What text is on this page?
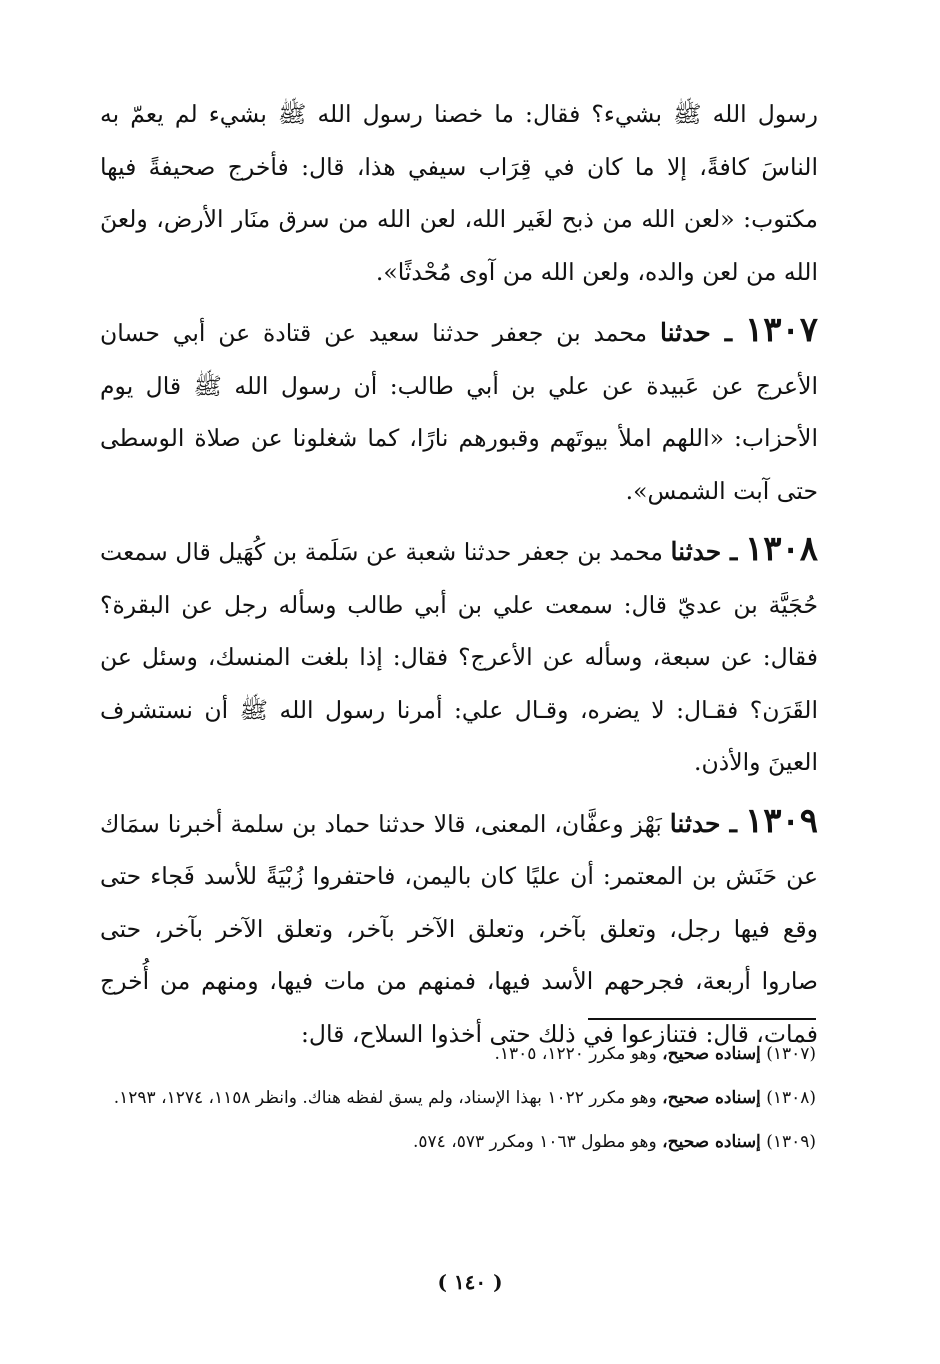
رسول الله ﷺ بشيء؟ فقال: ما خصنا رسول الله ﷺ بشيء لم يعمّ به الناسَ كافةً، إلا ما كان في قِرَاب سيفي هذا، قال: فأخرج صحيفةً فيها مكتوب: «لعن الله من ذبح لغَير الله، لعن الله من سرق منَار الأرض، ولعنَ الله من لعن والده، ولعن الله من آوى مُحْدثًا».

١٣٠٧ ـ حدثنا محمد بن جعفر حدثنا سعيد عن قتادة عن أبي حسان الأعرج عن عَبيدة عن علي بن أبي طالب: أن رسول الله ﷺ قال يوم الأحزاب: «اللهم املأ بيوتَهم وقبورهم نارًا، كما شغلونا عن صلاة الوسطى حتى آبت الشمس».

١٣٠٨ ـ حدثنا محمد بن جعفر حدثنا شعبة عن سَلَمة بن كُهَيل قال سمعت حُجَيَّة بن عديّ قال: سمعت علي بن أبي طالب وسأله رجل عن البقرة؟ فقال: عن سبعة، وسأله عن الأعرج؟ فقال: إذا بلغت المنسك، وسئل عن القَرَن؟ فقـال: لا يضره، وقـال علي: أمرنا رسول الله ﷺ أن نستشرف العينَ والأذن.

١٣٠٩ ـ حدثنا بَهْز وعفَّان، المعنى، قالا حدثنا حماد بن سلمة أخبرنا سمَاك عن حَنَش بن المعتمر: أن عليًا كان باليمن، فاحتفروا زُبْيَةً للأسد فَجاء حتى وقع فيها رجل، وتعلق بآخر، وتعلق الآخر بآخر، وتعلق الآخر بآخر، حتى صاروا أربعة، فجرحهم الأسد فيها، فمنهم من مات فيها، ومنهم من أُخرج فمات، قال: فتنازعوا في ذلك حتى أخذوا السلاح، قال:

(١٣٠٧) إسناده صحيح، وهو مكرر ١٢٢٠، ١٣٠٥.

(١٣٠٨) إسناده صحيح، وهو مكرر ١٠٢٢ بهذا الإسناد، ولم يسق لفظه هناك. وانظر ١١٥٨، ١٢٧٤، ١٢٩٣.

(١٣٠٩) إسناده صحيح، وهو مطول ١٠٦٣ ومكرر ٥٧٣، ٥٧٤.

( ١٤٠ )
